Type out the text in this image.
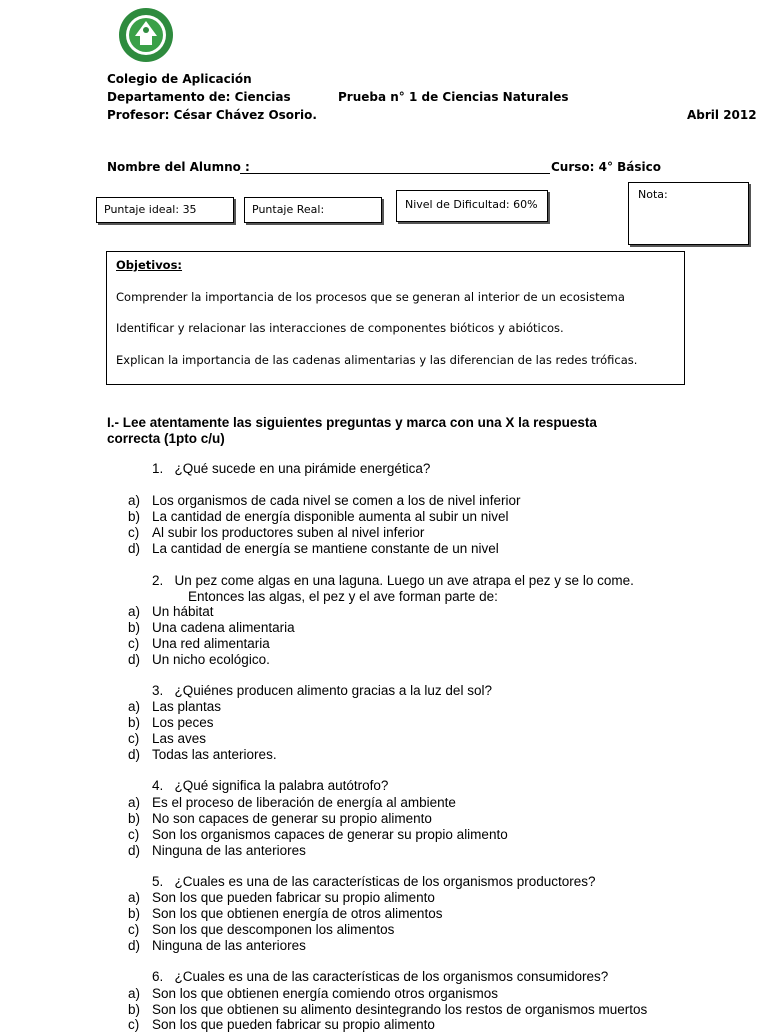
Colegio de Aplicación
Departamento de: Ciencias
Profesor: César Chávez Osorio.
Prueba n° 1 de Ciencias Naturales
Abril 2012
Nombre del Alumno :	Curso: 4° Básico
Puntaje ideal: 35	Puntaje Real:	Nivel de Dificultad: 60%
Nota:
Objetivos:
Comprender la importancia de los procesos que se generan al interior de un ecosistema
Identificar y relacionar las interacciones de componentes bióticos y abióticos.
Explican la importancia de las cadenas alimentarias y las diferencian de las redes tróficas.
I.- Lee atentamente las siguientes preguntas y marca con una X la respuesta
correcta (1pto c/u)
1. ¿Qué sucede en una pirámide energética?
a) Los organismos de cada nivel se comen a los de nivel inferior
b) La cantidad de energía disponible aumenta al subir un nivel
c) Al subir los productores suben al nivel inferior
d) La cantidad de energía se mantiene constante de un nivel
2.   Un pez come algas en una laguna. Luego un ave atrapa el pez y se lo come.
Entonces las algas, el pez y el ave forman parte de:
a) Un hábitat
b) Una cadena alimentaria
c) Una red alimentaria
d) Un nicho ecológico.
3. ¿Quiénes producen alimento gracias a la luz del sol?
a) Las plantas
b) Los peces
c) Las aves
d) Todas las anteriores.
4. ¿Qué significa la palabra autótrofo?
a) Es el proceso de liberación de energía al ambiente
b) No son capaces de generar su propio alimento
c) Son los organismos capaces de generar su propio alimento
d) Ninguna de las anteriores
5. ¿Cuales es una de las características de los organismos productores?
a) Son los que pueden fabricar su propio alimento
b) Son los que obtienen energía de otros alimentos
c) Son los que descomponen los alimentos
d) Ninguna de las anteriores
6. ¿Cuales es una de las características de los organismos consumidores?
a) Son los que obtienen energía comiendo otros organismos
b) Son los que obtienen su alimento desintegrando los restos de organismos muertos
c) Son los que pueden fabricar su propio alimento
